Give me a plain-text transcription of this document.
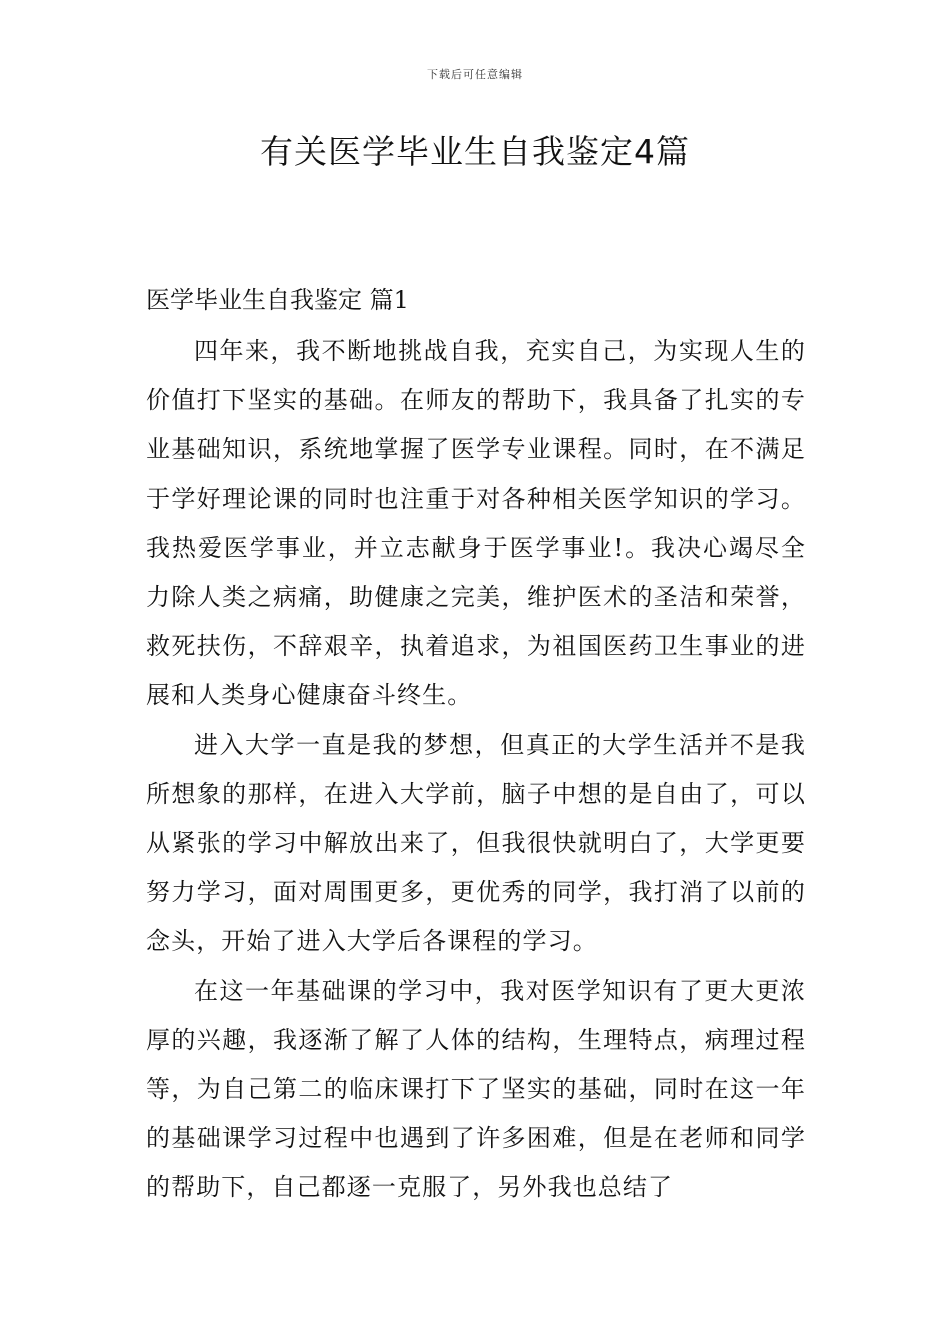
下载后可任意编辑
有关医学毕业生自我鉴定4篇
医学毕业生自我鉴定 篇1

四年来，我不断地挑战自我，充实自己，为实现人生的价值打下坚实的基础。在师友的帮助下，我具备了扎实的专业基础知识，系统地掌握了医学专业课程。同时，在不满足于学好理论课的同时也注重于对各种相关医学知识的学习。我热爱医学事业，并立志献身于医学事业!。我决心竭尽全力除人类之病痛，助健康之完美，维护医术的圣洁和荣誉，救死扶伤，不辞艰辛，执着追求，为祖国医药卫生事业的进展和人类身心健康奋斗终生。

进入大学一直是我的梦想，但真正的大学生活并不是我所想象的那样，在进入大学前，脑子中想的是自由了，可以从紧张的学习中解放出来了，但我很快就明白了，大学更要努力学习，面对周围更多，更优秀的同学，我打消了以前的念头，开始了进入大学后各课程的学习。

在这一年基础课的学习中，我对医学知识有了更大更浓厚的兴趣，我逐渐了解了人体的结构，生理特点，病理过程等，为自己第二的临床课打下了坚实的基础，同时在这一年的基础课学习过程中也遇到了许多困难，但是在老师和同学的帮助下，自己都逐一克服了，另外我也总结了
